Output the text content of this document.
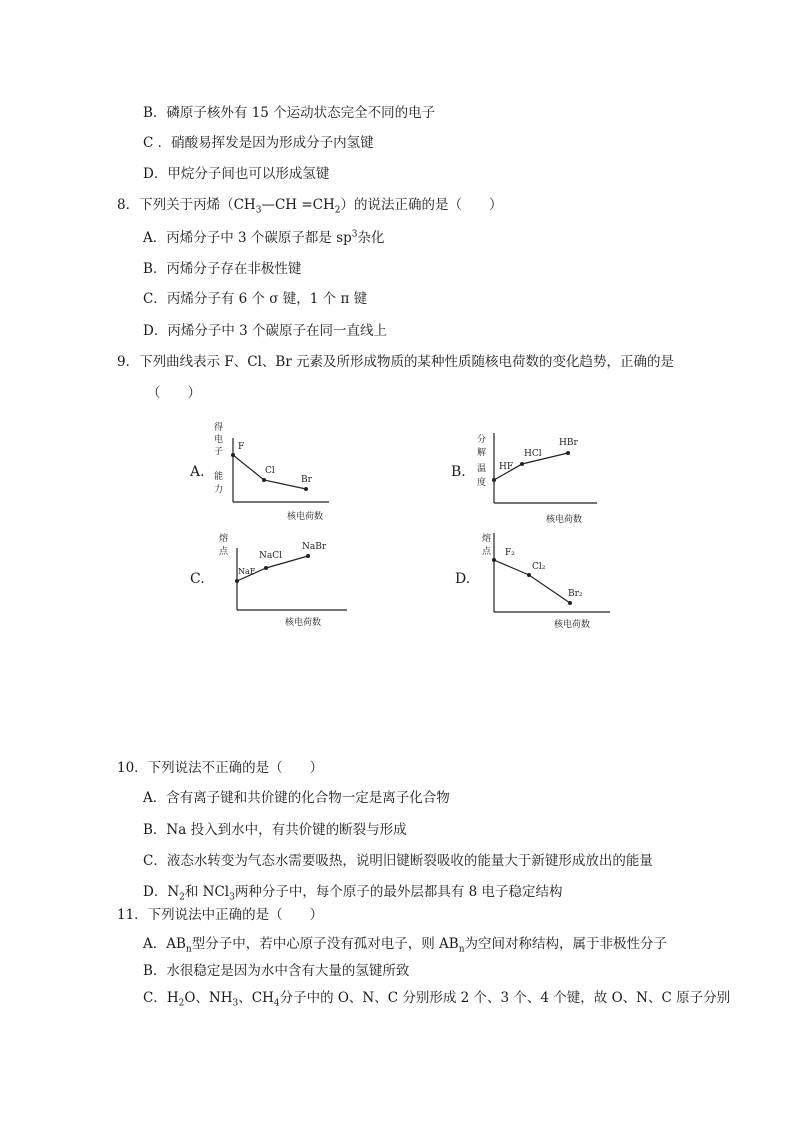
B．磷原子核外有 15 个运动状态完全不同的电子
C ．硝酸易挥发是因为形成分子内氢键
D．甲烷分子间也可以形成氢键
8．下列关于丙烯$(CH_3—CH =CH_2)$的说法正确的是（　　）
A．丙烯分子中 3 个碳原子都是 $sp^3$杂化
B．丙烯分子存在非极性键
C．丙烯分子有 6 个 σ 键，1 个 π 键
D．丙烯分子中 3 个碳原子在同一直线上
9．下列曲线表示 F、Cl、Br 元素及所形成物质的某种性质随核电荷数的变化趋势，正确的是
（　　）
A.
得
电
子
能
力
F
Cl
Br
核电荷数
B.
分
解
温
度
HF
HCl
HBr
核电荷数
C.
熔
点
NaF
NaCl
NaBr
核电荷数
D.
熔
点 F₂
Cl₂
Br₂
核电荷数
10．下列说法不正确的是（　　）
A．含有离子键和共价键的化合物一定是离子化合物
B．Na 投入到水中，有共价键的断裂与形成
C．液态水转变为气态水需要吸热，说明旧键断裂吸收的能量大于新键形成放出的能量
D．$N_2$和 NCl$_3$两种分子中，每个原子的最外层都具有 8 电子稳定结构
11．下列说法中正确的是（　　）
A．$AB_n$型分子中，若中心原子没有孤对电子，则 $AB_n$为空间对称结构，属于非极性分子
B．水很稳定是因为水中含有大量的氢键所致
C．$H_2O$、$NH_3$、$CH_4$分子中的 O、N、C 分别形成 2 个、3 个、4 个键，故 O、N、C 原子分别
